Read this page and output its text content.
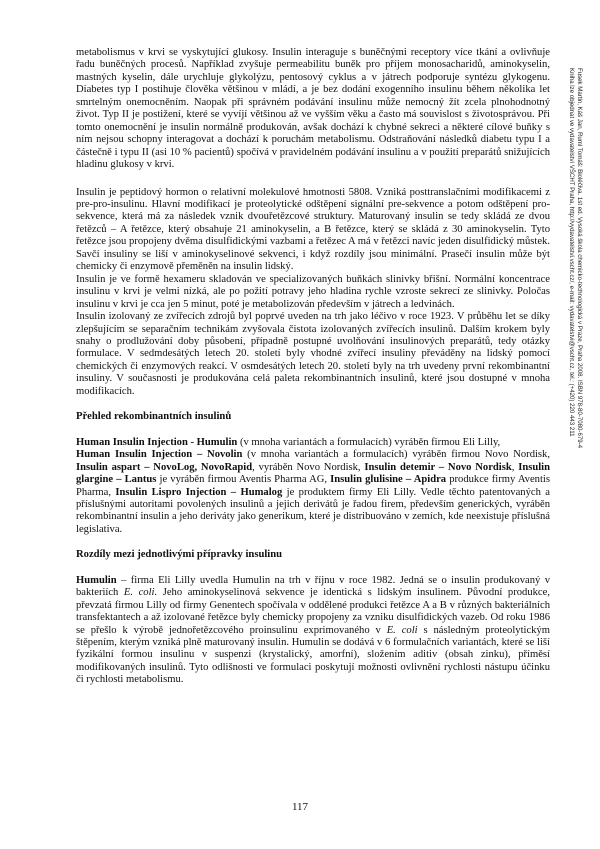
metabolismus v krvi se vyskytující glukosy. Insulin interaguje s buněčnými receptory více tkání a ovlivňuje řadu buněčných procesů. Například zvyšuje permeabilitu buněk pro příjem monosacharidů, aminokyselin, mastných kyselin, dále urychluje glykolýzu, pentosový cyklus a v játrech podporuje syntézu glykogenu. Diabetes typ I postihuje člověka většinou v mládí, a je bez dodání exogenního insulinu během několika let smrtelným onemocněním. Naopak při správném podávání insulinu může nemocný žít zcela plnohodnotný život. Typ II je postižení, které se vyvíjí většinou až ve vyšším věku a často má souvislost s životosprávou. Při tomto onemocnění je insulin normálně produkován, avšak dochází k chybné sekreci a některé cílové buňky s ním nejsou schopny interagovat a dochází k poruchám metabolismu. Odstraňování následků diabetu typu I a částečně i typu II (asi 10 % pacientů) spočívá v pravidelném podávání insulinu a v použití preparátů snižujících hladinu glukosy v krvi.

Insulin je peptidový hormon o relativní molekulové hmotnosti 5808. Vzniká posttranslačními modifikacemi z pre-pro-insulinu. Hlavní modifikací je proteolytické odštěpení signální pre-sekvence a potom odštěpení pro-sekvence, která má za následek vznik dvouřetězcové struktury. Maturovaný insulin se tedy skládá ze dvou řetězců – A řetězce, který obsahuje 21 aminokyselin, a B řetězce, který se skládá z 30 aminokyselin. Tyto řetězce jsou propojeny dvěma disulfidickými vazbami a řetězec A má v řetězci navíc jeden disulfidický můstek. Savčí insuliny se liší v aminokyselinové sekvenci, i když rozdíly jsou minimální. Prasečí insulin může být chemicky či enzymově přeměněn na insulin lidský.

Insulin je ve formě hexameru skladován ve specializovaných buňkách slinivky břišní. Normální koncentrace insulinu v krvi je velmi nízká, ale po požití potravy jeho hladina rychle vzroste sekrecí ze slinivky. Poločas insulinu v krvi je cca jen 5 minut, poté je metabolizován především v játrech a ledvinách.

Insulin izolovaný ze zvířecích zdrojů byl poprvé uveden na trh jako léčivo v roce 1923. V průběhu let se díky zlepšujícím se separačním technikám zvyšovala čistota izolovaných zvířecích insulinů. Dalším krokem byly snahy o prodlužování doby působení, případně postupné uvolňování insulinových preparátů, tedy otázky formulace. V sedmdesátých letech 20. století byly vhodné zvířecí insuliny převáděny na lidský pomocí chemických či enzymových reakcí. V osmdesátých letech 20. století byly na trh uvedeny první rekombinantní insuliny. V současnosti je produkována celá paleta rekombinantních insulinů, které jsou dostupné v mnoha modifikacích.

Přehled rekombinantních insulinů

Human Insulin Injection - Humulin (v mnoha variantách a formulacích) vyráběn firmou Eli Lilly,
Human Insulin Injection – Novolin (v mnoha variantách a formulacích) vyráběn firmou Novo Nordisk, Insulin aspart – NovoLog, NovoRapid, vyráběn Novo Nordisk, Insulin detemir – Novo Nordisk, Insulin glargine – Lantus je vyráběn firmou Aventis Pharma AG, Insulin glulisine – Apidra produkce firmy Aventis Pharma, Insulin Lispro Injection – Humalog je produktem firmy Eli Lilly. Vedle těchto patentovaných a příslušnými autoritami povolených insulinů a jejich derivátů je řadou firem, především generických, vyráběn rekombinantní insulin a jeho deriváty jako generikum, které je distribuováno v zemích, kde neexistuje příslušná legislativa.

Rozdíly mezi jednotlivými přípravky insulinu

Humulin – firma Eli Lilly uvedla Humulin na trh v říjnu v roce 1982. Jedná se o insulin produkovaný v bakteriích E. coli. Jeho aminokyselinová sekvence je identická s lidským insulinem. Původní produkce, převzatá firmou Lilly od firmy Genentech spočívala v oddělené produkci řetězce A a B v různých bakteriálních transfektantech a až izolované řetězce byly chemicky propojeny za vzniku disulfidických vazeb. Od roku 1986 se přešlo k výrobě jednořetězcového proinsulinu exprimovaného v E. coli s následným proteolytickým štěpením, kterým vzniká plně maturovaný insulin. Humulin se dodává v 6 formulačních variantách, které se liší fyzikální formou insulinu v suspenzi (krystalický, amorfní), složením aditiv (obsah zinku), příměsí modifikovaných insulinů. Tyto odlišnosti ve formulaci poskytují možnosti ovlivnění rychlosti nástupu účinku či rychlosti metabolismu.

Fusek Martin, Káš Jan, Ruml Tomáš: Bioléčiva. 1st ed. Vysoká škola chemicko-technologická v Praze, Praha 2008. ISBN 978-80-7080-679-4
Kniha lze objednat ve vydavatelství VŠCHT Praha, http://vydavatelstvi.vscht.cz/, e-mail: vydavatelstvi@vscht.cz, tel.: (+420) 220 443 211
117
